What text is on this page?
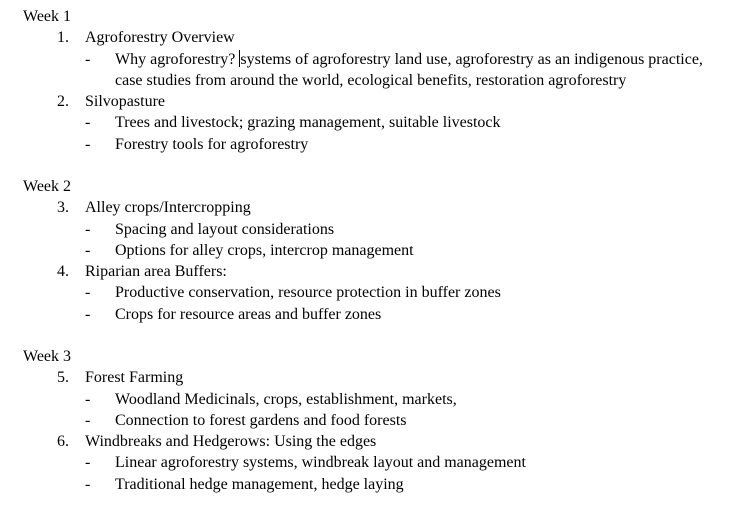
Week 1
1.	Agroforestry Overview
-	Why agroforestry? systems of agroforestry land use, agroforestry as an indigenous practice, case studies from around the world, ecological benefits, restoration agroforestry
2.	Silvopasture
-	Trees and livestock; grazing management, suitable livestock
-	Forestry tools for agroforestry
Week 2
3.	Alley crops/Intercropping
-	Spacing and layout considerations
-	Options for alley crops, intercrop management
4.	Riparian area Buffers:
-	Productive conservation, resource protection in buffer zones
-	Crops for resource areas and buffer zones
Week 3
5.	Forest Farming
-	Woodland Medicinals, crops, establishment, markets,
-	Connection to forest gardens and food forests
6.	Windbreaks and Hedgerows: Using the edges
-	Linear agroforestry systems, windbreak layout and management
-	Traditional hedge management, hedge laying
